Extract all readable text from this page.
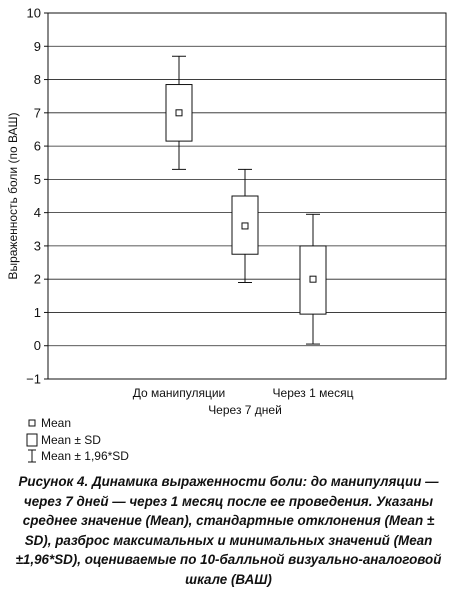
−1
0
1
2
3
4
5
6
7
8
9
10
До манипуляции
Через 7 дней
Через 1 месяц
Выраженность боли (по ВАШ)
Mean
Mean ± SD
Mean ± 1,96*SD

Рисунок 4. Динамика выраженности боли: до манипуляции — через 7 дней — через 1 месяц после ее проведения. Указаны среднее значение (Mean), стандартные отклонения (Mean ± SD), разброс максимальных и минимальных значений (Mean ±1,96*SD), оцениваемые по 10-балльной визуально-аналоговой шкале (ВАШ)
